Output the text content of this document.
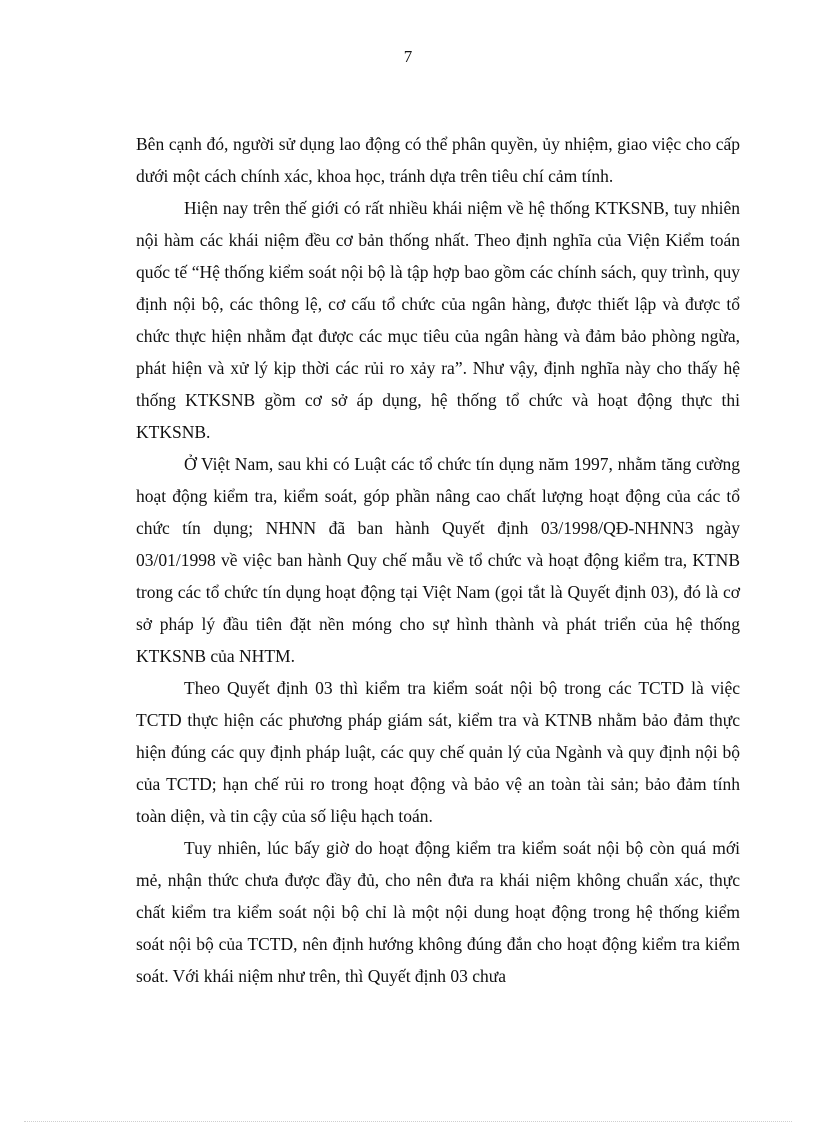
7

Bên cạnh đó, người sử dụng lao động có thể phân quyền, ủy nhiệm, giao việc cho cấp dưới một cách chính xác, khoa học, tránh dựa trên tiêu chí cảm tính.

Hiện nay trên thế giới có rất nhiều khái niệm về hệ thống KTKSNB, tuy nhiên nội hàm các khái niệm đều cơ bản thống nhất. Theo định nghĩa của Viện Kiểm toán quốc tế “Hệ thống kiểm soát nội bộ là tập hợp bao gồm các chính sách, quy trình, quy định nội bộ, các thông lệ, cơ cấu tổ chức của ngân hàng, được thiết lập và được tổ chức thực hiện nhằm đạt được các mục tiêu của ngân hàng và đảm bảo phòng ngừa, phát hiện và xử lý kịp thời các rủi ro xảy ra”. Như vậy, định nghĩa này cho thấy hệ thống KTKSNB gồm cơ sở áp dụng, hệ thống tổ chức và hoạt động thực thi KTKSNB.

Ở Việt Nam, sau khi có Luật các tổ chức tín dụng năm 1997, nhằm tăng cường hoạt động kiểm tra, kiểm soát, góp phần nâng cao chất lượng hoạt động của các tổ chức tín dụng; NHNN đã ban hành Quyết định 03/1998/QĐ-NHNN3 ngày 03/01/1998 về việc ban hành Quy chế mẫu về tổ chức và hoạt động kiểm tra, KTNB trong các tổ chức tín dụng hoạt động tại Việt Nam (gọi tắt là Quyết định 03), đó là cơ sở pháp lý đầu tiên đặt nền móng cho sự hình thành và phát triển của hệ thống KTKSNB của NHTM.

Theo Quyết định 03 thì kiểm tra kiểm soát nội bộ trong các TCTD là việc TCTD thực hiện các phương pháp giám sát, kiểm tra và KTNB nhằm bảo đảm thực hiện đúng các quy định pháp luật, các quy chế quản lý của Ngành và quy định nội bộ của TCTD; hạn chế rủi ro trong hoạt động và bảo vệ an toàn tài sản; bảo đảm tính toàn diện, và tin cậy của số liệu hạch toán.

Tuy nhiên, lúc bấy giờ do hoạt động kiểm tra kiểm soát nội bộ còn quá mới mẻ, nhận thức chưa được đầy đủ, cho nên đưa ra khái niệm không chuẩn xác, thực chất kiểm tra kiểm soát nội bộ chỉ là một nội dung hoạt động trong hệ thống kiểm soát nội bộ của TCTD, nên định hướng không đúng đắn cho hoạt động kiểm tra kiểm soát. Với khái niệm như trên, thì Quyết định 03 chưa
